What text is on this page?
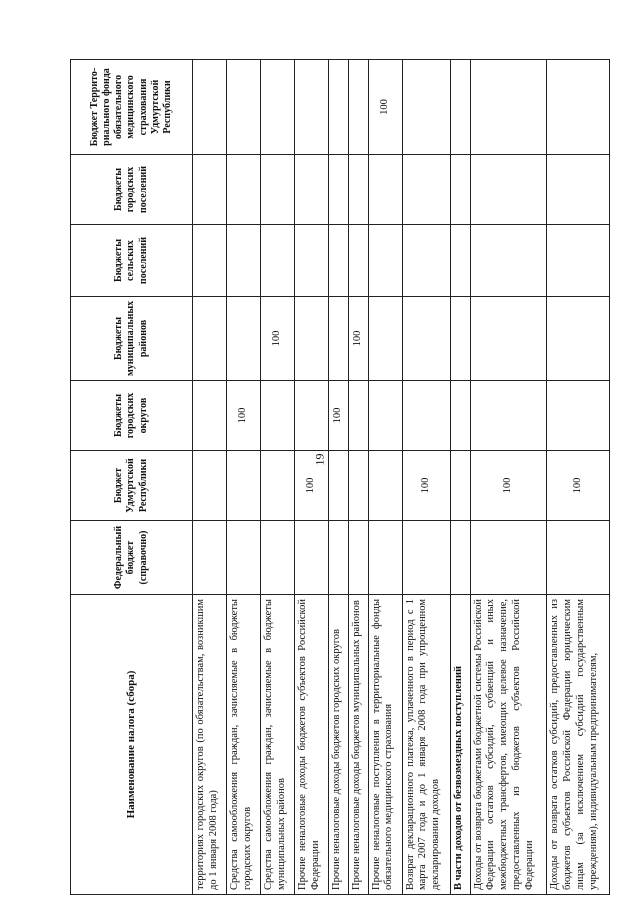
19
Наименование налога (сбора)	Федеральный бюджет (справочно)	Бюджет Удмуртской Республики	Бюджеты городских округов	Бюджеты муниципальных районов	Бюджеты сельских поселений	Бюджеты городских поселений	Бюджет Террито-риального фонда обязательного медицинского страхования Удмуртской Республики
территориях городских округов (по обязательствам, возникшим до 1 января 2008 года)							
Средства самообложения граждан, зачисляемые в бюджеты городских округов			100				
Средства самообложения граждан, зачисляемые в бюджеты муниципальных районов				100			
Прочие неналоговые доходы бюджетов субъектов Российской Федерации		100					
Прочие неналоговые доходы бюджетов городских округов			100				
Прочие неналоговые доходы бюджетов муниципальных районов				100			
Прочие неналоговые поступления в территориальные фонды обязательного медицинского страхования							100
Возврат декларационного платежа, уплаченного в период с 1 марта 2007 года и до 1 января 2008 года при упрощенном декларировании доходов		100					
В части доходов от безвозмездных поступлений							
Доходы от возврата бюджетами бюджетной системы Российской Федерации остатков субсидий, субвенций и иных межбюджетных трансфертов, имеющих целевое назначение, предоставленных из бюджетов субъектов Российской Федерации		100					
Доходы от возврата остатков субсидий, предоставленных из бюджетов субъектов Российской Федерации юридическим лицам (за исключением субсидий государственным учреждениям), индивидуальным предпринимателям,		100					
